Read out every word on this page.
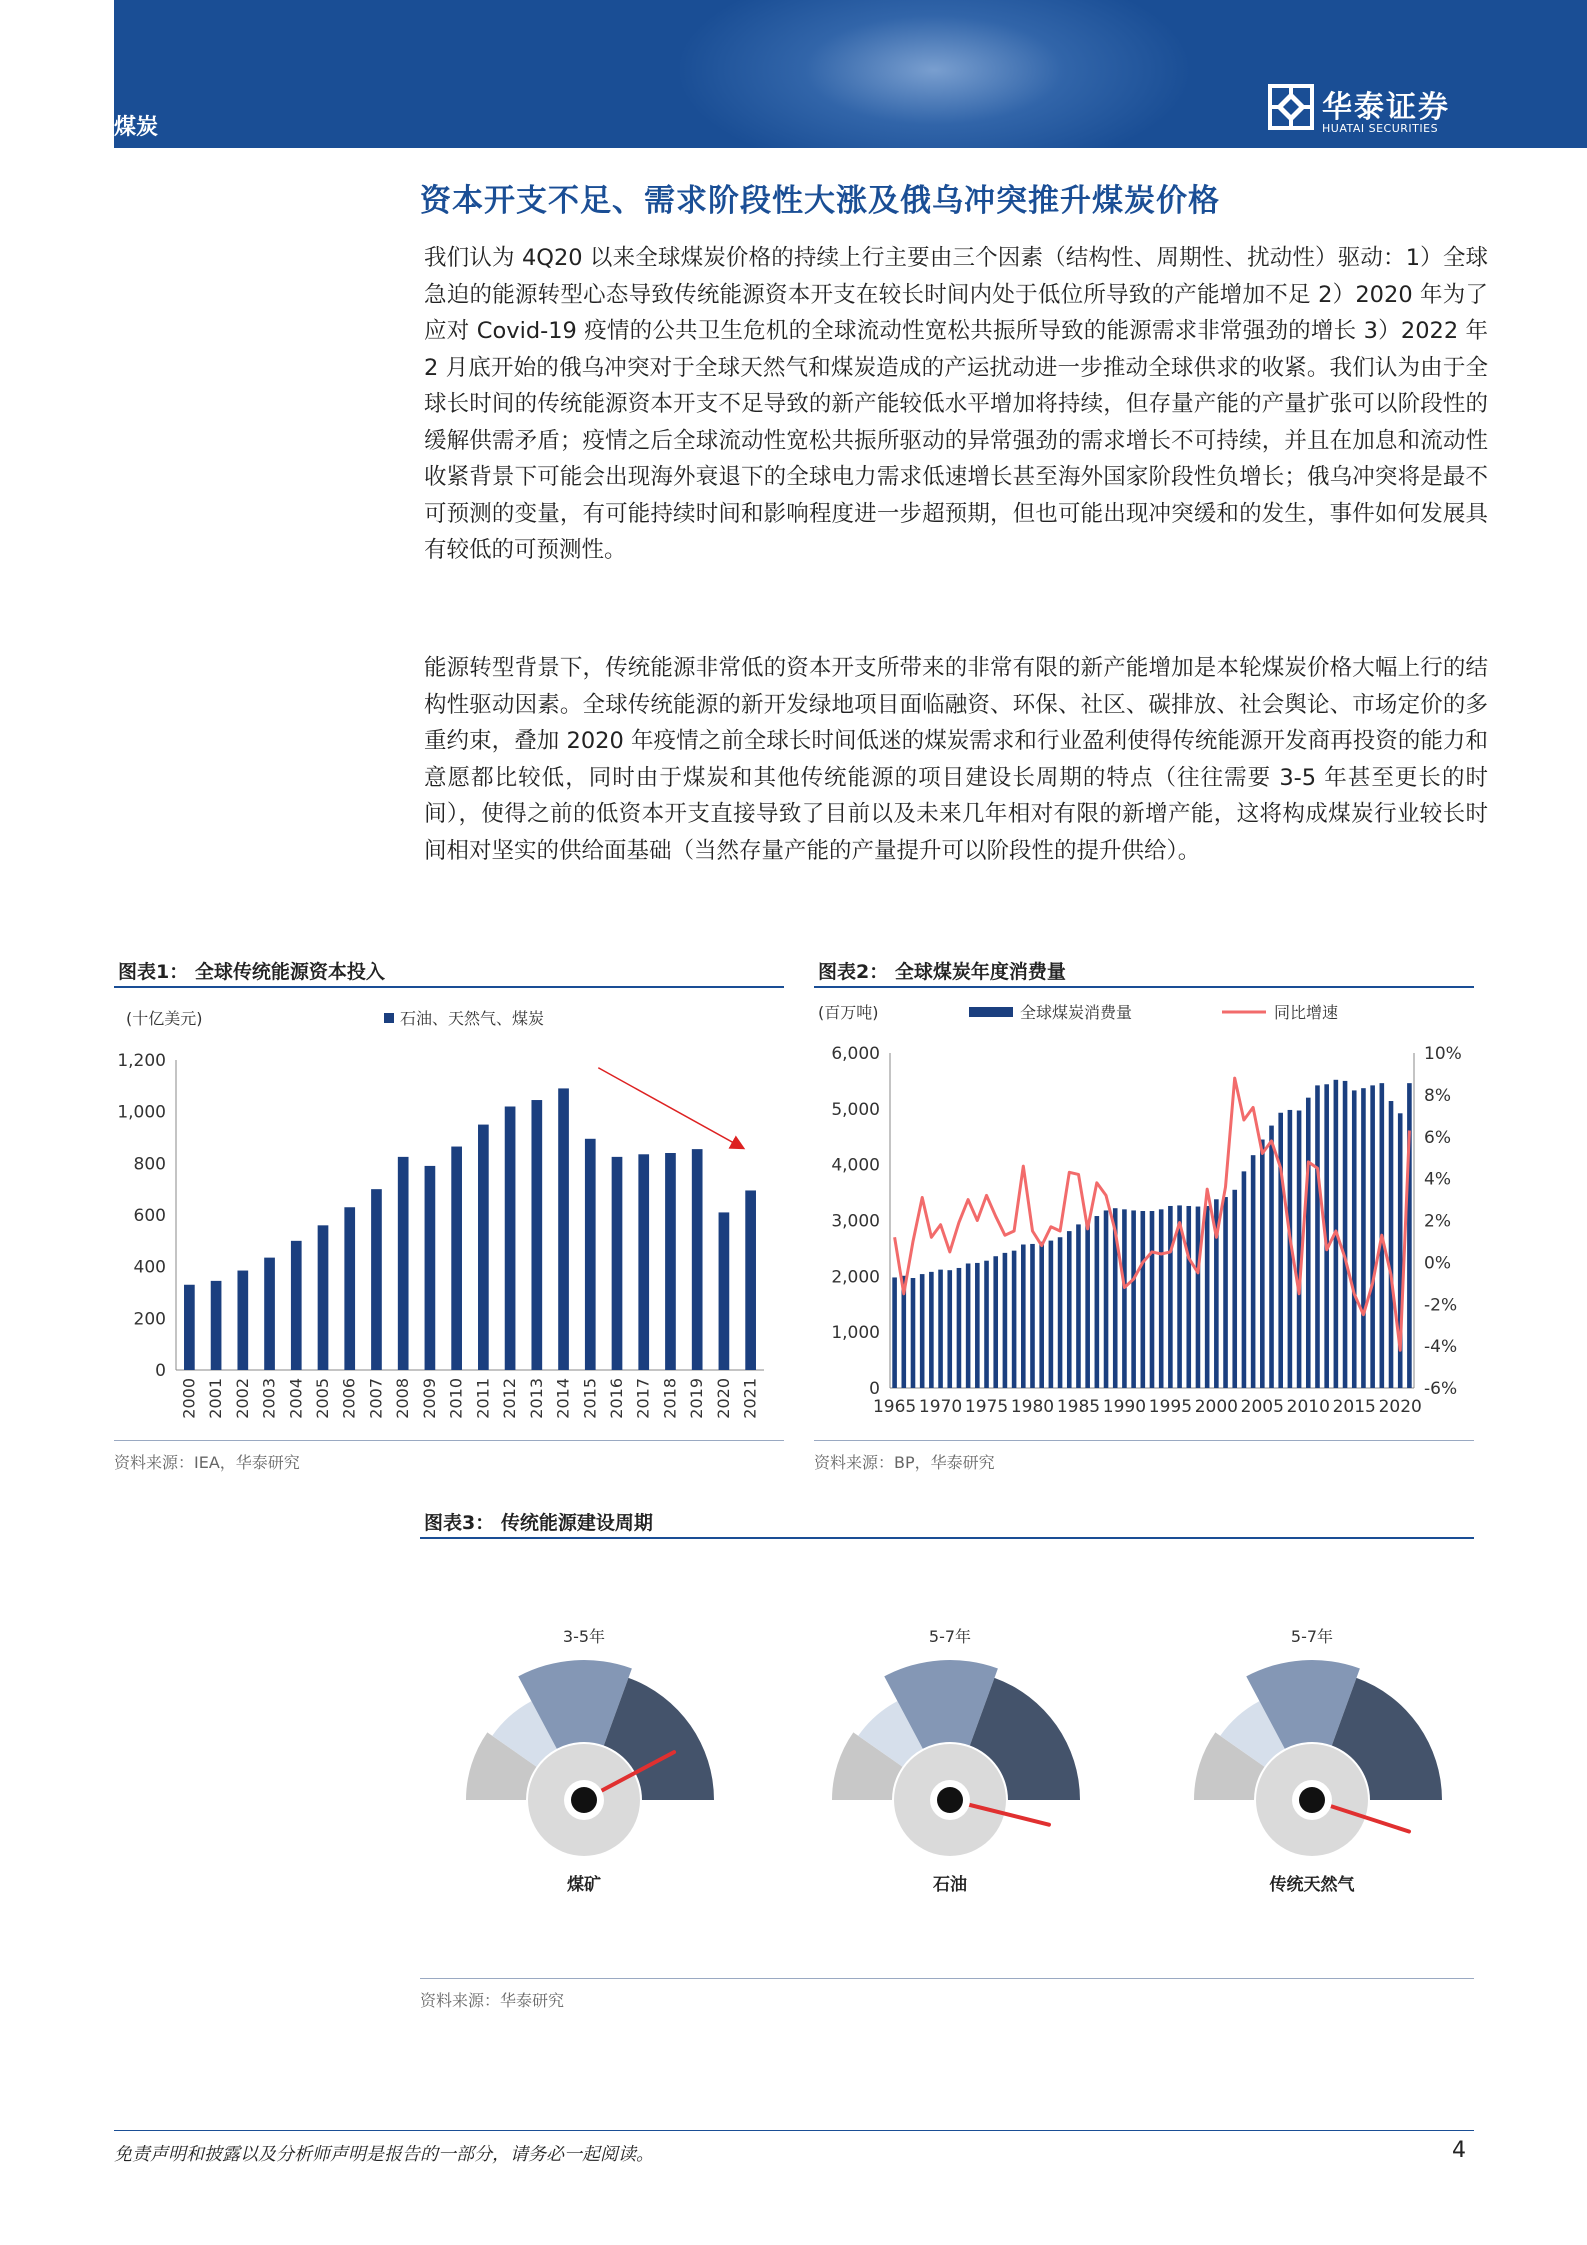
煤炭
华泰证券
HUATAI SECURITIES
资本开支不足、需求阶段性大涨及俄乌冲突推升煤炭价格
我们认为 4Q20 以来全球煤炭价格的持续上行主要由三个因素（结构性、周期性、扰动性）驱动：1）全球急迫的能源转型心态导致传统能源资本开支在较长时间内处于低位所导致的产能增加不足 2）2020 年为了应对 Covid-19 疫情的公共卫生危机的全球流动性宽松共振所导致的能源需求非常强劲的增长 3）2022 年 2 月底开始的俄乌冲突对于全球天然气和煤炭造成的产运扰动进一步推动全球供求的收紧。我们认为由于全球长时间的传统能源资本开支不足导致的新产能较低水平增加将持续，但存量产能的产量扩张可以阶段性的缓解供需矛盾；疫情之后全球流动性宽松共振所驱动的异常强劲的需求增长不可持续，并且在加息和流动性收紧背景下可能会出现海外衰退下的全球电力需求低速增长甚至海外国家阶段性负增长；俄乌冲突将是最不可预测的变量，有可能持续时间和影响程度进一步超预期，但也可能出现冲突缓和的发生，事件如何发展具有较低的可预测性。
能源转型背景下，传统能源非常低的资本开支所带来的非常有限的新产能增加是本轮煤炭价格大幅上行的结构性驱动因素。全球传统能源的新开发绿地项目面临融资、环保、社区、碳排放、社会舆论、市场定价的多重约束，叠加 2020 年疫情之前全球长时间低迷的煤炭需求和行业盈利使得传统能源开发商再投资的能力和意愿都比较低，同时由于煤炭和其他传统能源的项目建设长周期的特点（往往需要 3-5 年甚至更长的时间），使得之前的低资本开支直接导致了目前以及未来几年相对有限的新增产能，这将构成煤炭行业较长时间相对坚实的供给面基础（当然存量产能的产量提升可以阶段性的提升供给）。
图表1： 全球传统能源资本投入
(十亿美元)	石油、天然气、煤炭
0
200
400
600
800
1,000
1,200
2000 2001 2002 2003 2004 2005 2006 2007 2008 2009 2010 2011 2012 2013 2014 2015 2016 2017 2018 2019 2020 2021
资料来源：IEA，华泰研究
图表2： 全球煤炭年度消费量
(百万吨)	全球煤炭消费量	同比增速
0
1,000
2,000
3,000
4,000
5,000
6,000
-6%
-4%
-2%
0%
2%
4%
6%
8%
10%
1965 1970 1975 1980 1985 1990 1995 2000 2005 2010 2015 2020
资料来源：BP，华泰研究
图表3： 传统能源建设周期
3-5年
煤矿
5-7年
石油
5-7年
传统天然气
资料来源：华泰研究
免责声明和披露以及分析师声明是报告的一部分，请务必一起阅读。	4
